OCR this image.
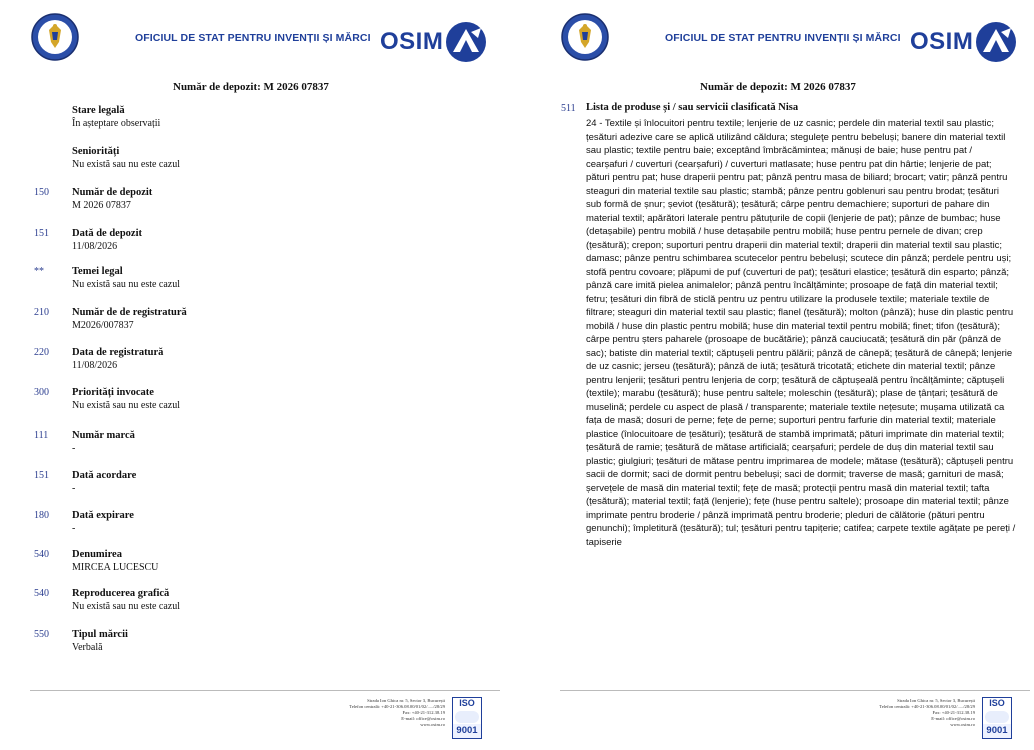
OFICIUL DE STAT PENTRU INVENȚII ȘI MĂRCI OSIM
Număr de depozit: M 2026 07837
Stare legală
În așteptare observații
Seniorități
Nu există sau nu este cazul
150	Număr de depozit
M 2026 07837
151	Dată de depozit
11/08/2026
**	Temei legal
Nu există sau nu este cazul
210	Număr de de registratură
M2026/007837
220	Data de registratură
11/08/2026
300	Priorități invocate
Nu există sau nu este cazul
111	Număr marcă
-
151	Dată acordare
-
180	Dată expirare
-
540	Denumirea
MIRCEA LUCESCU
540	Reproducerea grafică
Nu există sau nu este cazul
550	Tipul mărcii
Verbală
Strada Ion Ghica nr. 5, Sector 3, București
Telefon centrală: +40-21-306.08.00/01/02/...../28/29
Fax: +40-21-312.38.19
E-mail: office@osim.ro
www.osim.ro
ISO
9001
OFICIUL DE STAT PENTRU INVENȚII ȘI MĂRCI OSIM
Număr de depozit: M 2026 07837
511 Lista de produse și / sau servicii clasificată Nisa
24 - Textile și înlocuitori pentru textile; lenjerie de uz casnic; perdele din material textil sau plastic; țesături adezive care se aplică utilizând căldura; steguleţe pentru bebeluși; banere din material textil sau plastic; textile pentru baie; exceptând îmbrăcămintea; mănuși de baie; huse pentru pat / cearșafuri / cuverturi (cearșafuri) / cuverturi matlasate; huse pentru pat din hârtie; lenjerie de pat; pături pentru pat; huse draperii pentru pat; pânză pentru masa de biliard; brocart; vatir; pânză pentru steaguri din material textile sau plastic; stambă; pânze pentru goblenuri sau pentru brodat; țesături sub formă de șnur; șeviot (țesătură); țesătură; cârpe pentru demachiere; suporturi de pahare din material textil; apărători laterale pentru pătuțurile de copii (lenjerie de pat); pânze de bumbac; huse (detașabile) pentru mobilă / huse detașabile pentru mobilă; huse pentru pernele de divan; crep (țesătură); crepon; suporturi pentru draperii din material textil; draperii din material textil sau plastic; damasc; pânze pentru schimbarea scutecelor pentru bebeluși; scutece din pânză; perdele pentru uși; stofă pentru covoare; plăpumi de puf (cuverturi de pat); țesături elastice; țesătură din esparto; pânză; pânză care imită pielea animalelor; pânză pentru încălțăminte; prosoape de față din material textil; fetru; țesături din fibră de sticlă pentru uz pentru utilizare la produsele textile; materiale textile de filtrare; steaguri din material textil sau plastic; flanel (țesătură); molton (pânză); huse din plastic pentru mobilă / huse din plastic pentru mobilă; huse din material textil pentru mobilă; finet; tifon (țesătură); cârpe pentru șters paharele (prosoape de bucătărie); pânză cauciucată; țesătură din păr (pânză de sac); batiste din material textil; căptușeli pentru pălării; pânză de cânepă; țesătură de cânepă; lenjerie de uz casnic; jerseu (țesătură); pânză de iută; țesătură tricotată; etichete din material textil; pânze pentru lenjerii; țesături pentru lenjeria de corp; țesătură de căptușeală pentru încălțăminte; căptușeli (textile); marabu (țesătură); huse pentru saltele; moleschin (țesătură); plase de țânțari; țesătură de muselină; perdele cu aspect de plasă / transparente; materiale textile nețesute; mușama utilizată ca fața de masă; dosuri de perne; fețe de perne; suporturi pentru farfurie din material textil; materiale plastice (înlocuitoare de țesături); țesătură de stambă imprimată; pături imprimate din material textil; țesătură de ramie; țesătură de mătase artificială; cearșafuri; perdele de duș din material textil sau plastic; giulgiuri; țesături de mătase pentru imprimarea de modele; mătase (țesătură); căptușeli pentru sacii de dormit; saci de dormit pentru bebeluși; saci de dormit; traverse de masă; garnituri de masă; șervețele de masă din material textil; fețe de masă; protecții pentru masă din material textil; tafta (țesătură); material textil; față (lenjerie); fețe (huse pentru saltele); prosoape din material textil; pânze imprimate pentru broderie / pânză imprimată pentru broderie; pleduri de călătorie (pături pentru genunchi); împletitură (țesătură); tul; țesături pentru tapițerie; catifea; carpete textile agățate pe pereți / tapiserie
Strada Ion Ghica nr. 5, Sector 3, București
Telefon centrală: +40-21-306.08.00/01/02/...../28/29
Fax: +40-21-312.38.19
E-mail: office@osim.ro
www.osim.ro
ISO
9001
